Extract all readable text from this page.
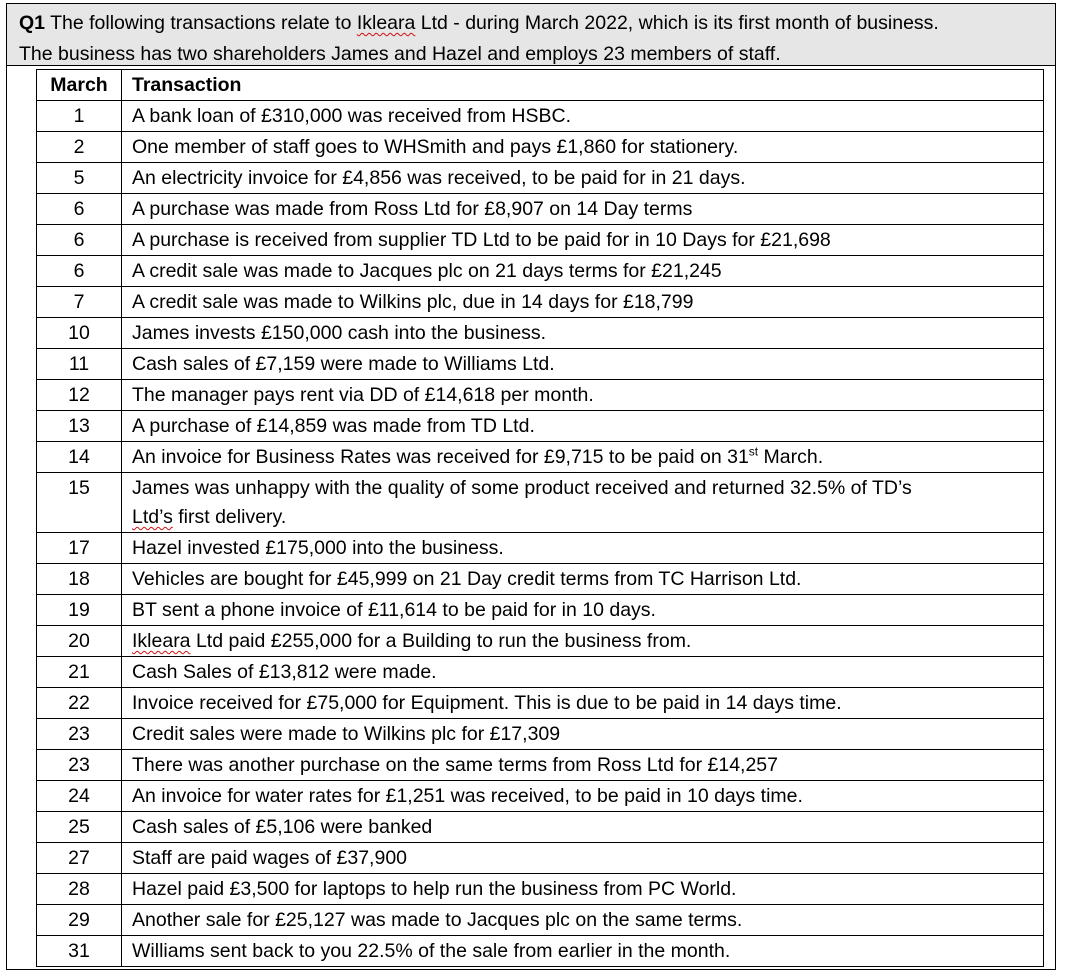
Q1 The following transactions relate to Ikleara Ltd - during March 2022, which is its first month of business.
The business has two shareholders James and Hazel and employs 23 members of staff.
March	Transaction
1	A bank loan of £310,000 was received from HSBC.
2	One member of staff goes to WHSmith and pays £1,860 for stationery.
5	An electricity invoice for £4,856 was received, to be paid for in 21 days.
6	A purchase was made from Ross Ltd for £8,907 on 14 Day terms
6	A purchase is received from supplier TD Ltd to be paid for in 10 Days for £21,698
6	A credit sale was made to Jacques plc on 21 days terms for £21,245
7	A credit sale was made to Wilkins plc, due in 14 days for £18,799
10	James invests £150,000 cash into the business.
11	Cash sales of £7,159 were made to Williams Ltd.
12	The manager pays rent via DD of £14,618 per month.
13	A purchase of £14,859 was made from TD Ltd.
14	An invoice for Business Rates was received for £9,715 to be paid on 31st March.
15	James was unhappy with the quality of some product received and returned 32.5% of TD’s
Ltd’s first delivery.

17	Hazel invested £175,000 into the business.
18	Vehicles are bought for £45,999 on 21 Day credit terms from TC Harrison Ltd.
19	BT sent a phone invoice of £11,614 to be paid for in 10 days.
20	Ikleara Ltd paid £255,000 for a Building to run the business from.
21	Cash Sales of £13,812 were made.
22	Invoice received for £75,000 for Equipment. This is due to be paid in 14 days time.
23	Credit sales were made to Wilkins plc for £17,309
23	There was another purchase on the same terms from Ross Ltd for £14,257
24	An invoice for water rates for £1,251 was received, to be paid in 10 days time.
25	Cash sales of £5,106 were banked
27	Staff are paid wages of £37,900
28	Hazel paid £3,500 for laptops to help run the business from PC World.
29	Another sale for £25,127 was made to Jacques plc on the same terms.
31	Williams sent back to you 22.5% of the sale from earlier in the month.
